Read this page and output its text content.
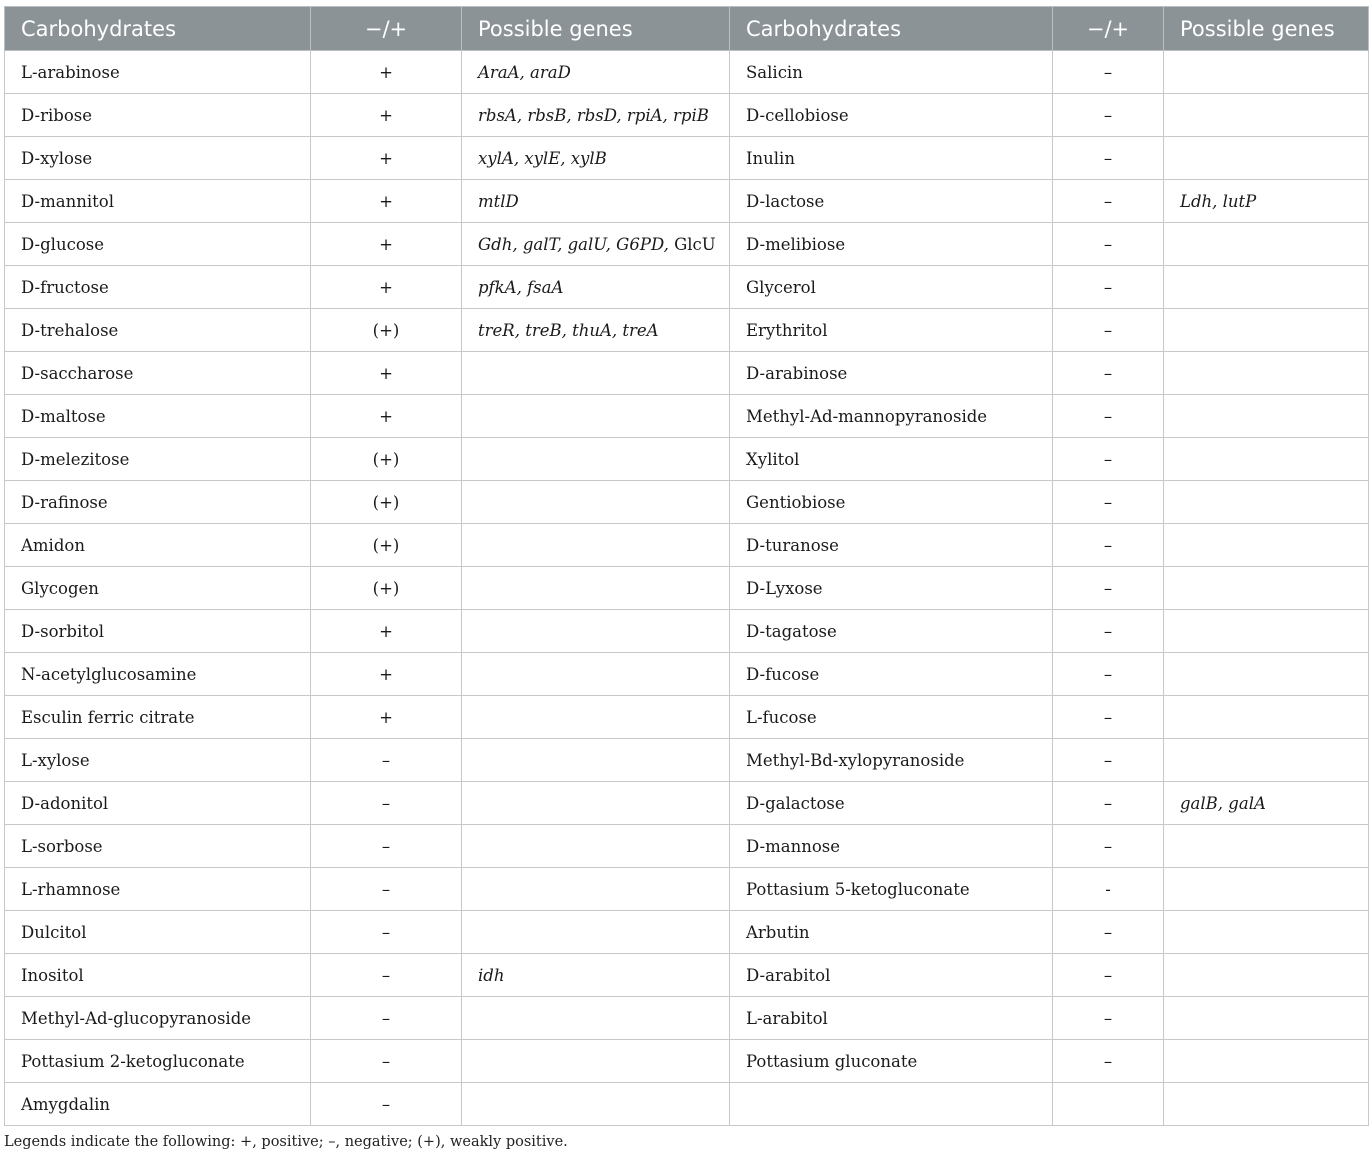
Carbohydrates	−/+	Possible genes	Carbohydrates	−/+	Possible genes
L-arabinose	+	AraA, araD	Salicin	–	
D-ribose	+	rbsA, rbsB, rbsD, rpiA, rpiB	D-cellobiose	–	
D-xylose	+	xylA, xylE, xylB	Inulin	–	
D-mannitol	+	mtlD	D-lactose	–	Ldh, lutP
D-glucose	+	Gdh, galT, galU, G6PD, GlcU	D-melibiose	–	
D-fructose	+	pfkA, fsaA	Glycerol	–	
D-trehalose	(+)	treR, treB, thuA, treA	Erythritol	–	
D-saccharose	+		D-arabinose	–	
D-maltose	+		Methyl-Ad-mannopyranoside	–	
D-melezitose	(+)		Xylitol	–	
D-rafinose	(+)		Gentiobiose	–	
Amidon	(+)		D-turanose	–	
Glycogen	(+)		D-Lyxose	–	
D-sorbitol	+		D-tagatose	–	
N-acetylglucosamine	+		D-fucose	–	
Esculin ferric citrate	+		L-fucose	–	
L-xylose	–		Methyl-Bd-xylopyranoside	–	
D-adonitol	–		D-galactose	–	galB, galA
L-sorbose	–		D-mannose	–	
L-rhamnose	–		Pottasium 5-ketogluconate	-	
Dulcitol	–		Arbutin	–	
Inositol	–	idh	D-arabitol	–	
Methyl-Ad-glucopyranoside	–		L-arabitol	–	
Pottasium 2-ketogluconate	–		Pottasium gluconate	–	
Amygdalin	–				
Legends indicate the following: +, positive; –, negative; (+), weakly positive.
